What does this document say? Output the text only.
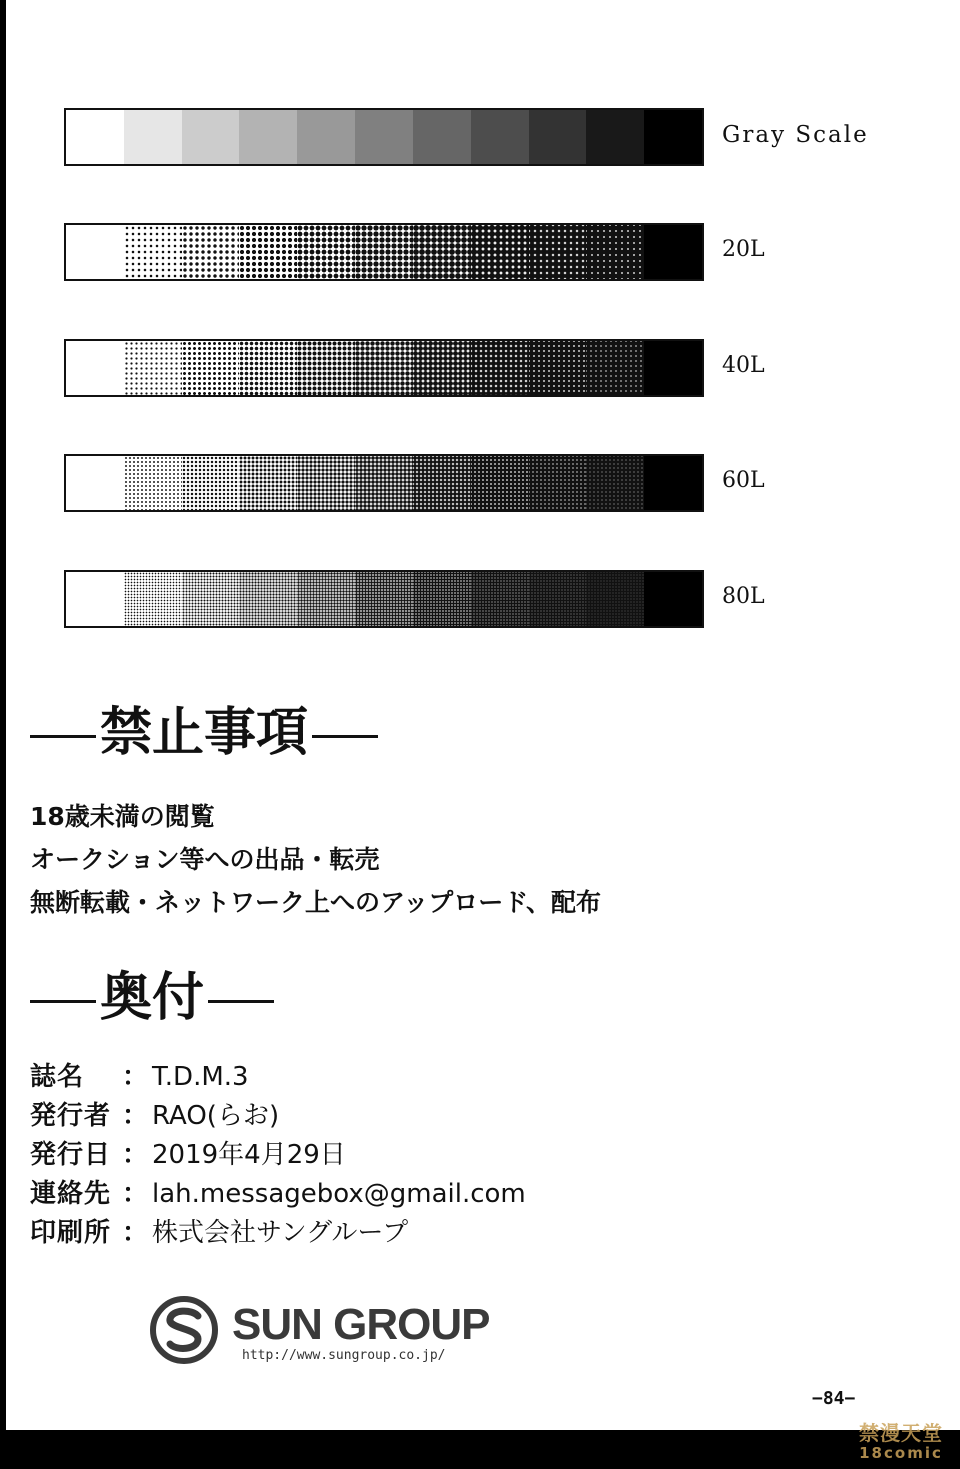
Gray Scale
20L
40L
60L
80L
禁止事項
18歳未満の閲覧
オークション等への出品・転売
無断転載・ネットワーク上へのアップロード、配布
奥付
誌名 ： T.D.M.3
発行者 ： RAO(らお)
発行日 ： 2019年4月29日
連絡先 ： lah.messagebox@gmail.com
印刷所 ： 株式会社サングループ
SUN GROUP
http://www.sungroup.co.jp/
−84−
禁漫天堂
18comic
